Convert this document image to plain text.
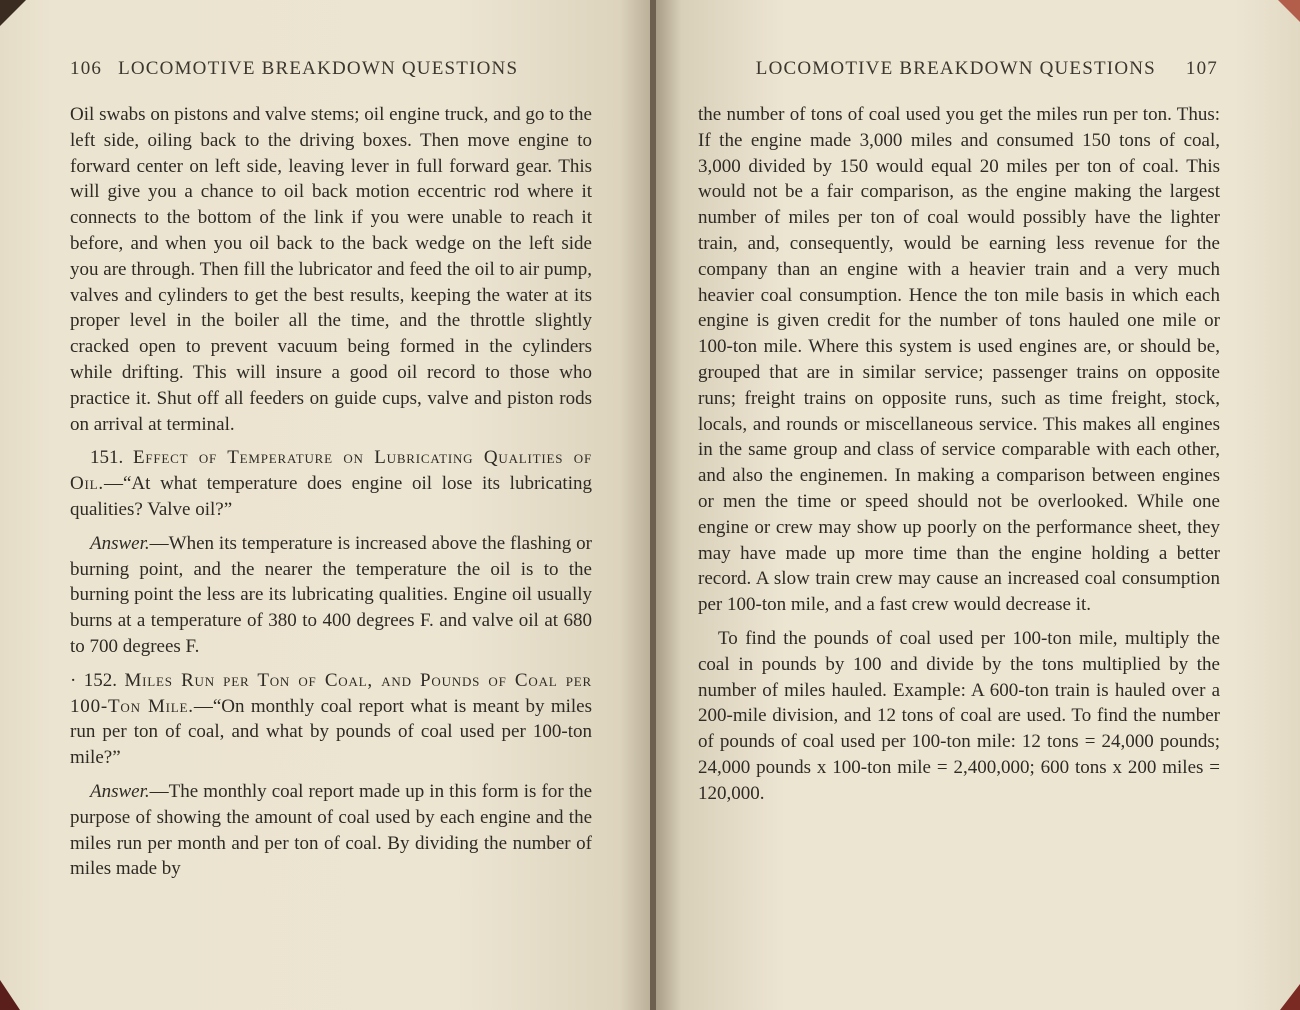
106 LOCOMOTIVE BREAKDOWN QUESTIONS

Oil swabs on pistons and valve stems; oil engine truck, and go to the left side, oiling back to the driving boxes. Then move engine to forward center on left side, leaving lever in full forward gear. This will give you a chance to oil back motion eccentric rod where it connects to the bottom of the link if you were unable to reach it before, and when you oil back to the back wedge on the left side you are through. Then fill the lubricator and feed the oil to air pump, valves and cylinders to get the best results, keeping the water at its proper level in the boiler all the time, and the throttle slightly cracked open to prevent vacuum being formed in the cylinders while drifting. This will insure a good oil record to those who practice it. Shut off all feeders on guide cups, valve and piston rods on arrival at terminal.

151. Effect of Temperature on Lubricating Qualities of Oil.—“At what temperature does engine oil lose its lubricating qualities? Valve oil?”

Answer.—When its temperature is increased above the flashing or burning point, and the nearer the temperature the oil is to the burning point the less are its lubricating qualities. Engine oil usually burns at a temperature of 380 to 400 degrees F. and valve oil at 680 to 700 degrees F.

· 152. Miles Run per Ton of Coal, and Pounds of Coal per 100-Ton Mile.—“On monthly coal report what is meant by miles run per ton of coal, and what by pounds of coal used per 100-ton mile?”

Answer.—The monthly coal report made up in this form is for the purpose of showing the amount of coal used by each engine and the miles run per month and per ton of coal. By dividing the number of miles made by

LOCOMOTIVE BREAKDOWN QUESTIONS 107

the number of tons of coal used you get the miles run per ton. Thus: If the engine made 3,000 miles and consumed 150 tons of coal, 3,000 divided by 150 would equal 20 miles per ton of coal. This would not be a fair comparison, as the engine making the largest number of miles per ton of coal would possibly have the lighter train, and, consequently, would be earning less revenue for the company than an engine with a heavier train and a very much heavier coal consumption. Hence the ton mile basis in which each engine is given credit for the number of tons hauled one mile or 100-ton mile. Where this system is used engines are, or should be, grouped that are in similar service; passenger trains on opposite runs; freight trains on opposite runs, such as time freight, stock, locals, and rounds or miscellaneous service. This makes all engines in the same group and class of service comparable with each other, and also the enginemen. In making a comparison between engines or men the time or speed should not be overlooked. While one engine or crew may show up poorly on the performance sheet, they may have made up more time than the engine holding a better record. A slow train crew may cause an increased coal consumption per 100-ton mile, and a fast crew would decrease it.

To find the pounds of coal used per 100-ton mile, multiply the coal in pounds by 100 and divide by the tons multiplied by the number of miles hauled. Example: A 600-ton train is hauled over a 200-mile division, and 12 tons of coal are used. To find the number of pounds of coal used per 100-ton mile: 12 tons = 24,000 pounds; 24,000 pounds x 100-ton mile = 2,400,000; 600 tons x 200 miles = 120,000.
